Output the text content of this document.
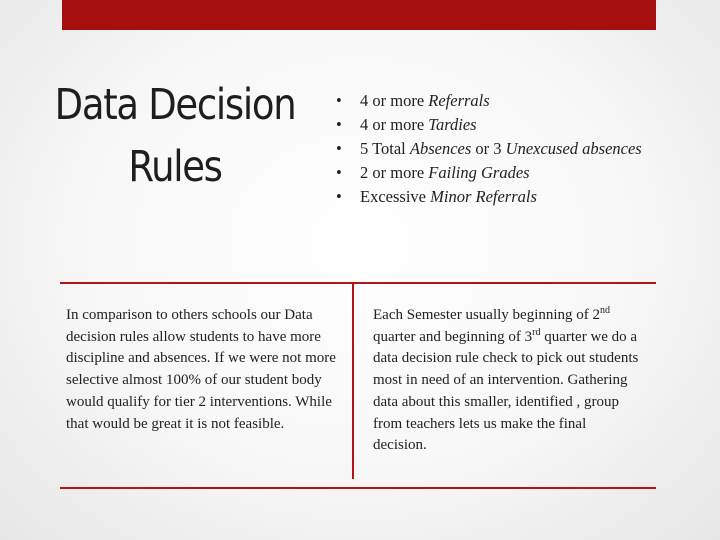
Data Decision
Rules
• 4 or more Referrals
• 4 or more Tardies
• 5 Total Absences or 3 Unexcused absences
• 2 or more Failing Grades
• Excessive Minor Referrals
In comparison to others schools our Data decision rules allow students to have more discipline and absences. If we were not more selective almost 100% of our student body would qualify for tier 2 interventions. While that would be great it is not feasible.
Each Semester usually beginning of 2nd quarter and beginning of 3rd quarter we do a data decision rule check to pick out students most in need of an intervention. Gathering data about this smaller, identified , group from teachers lets us make the final decision.
